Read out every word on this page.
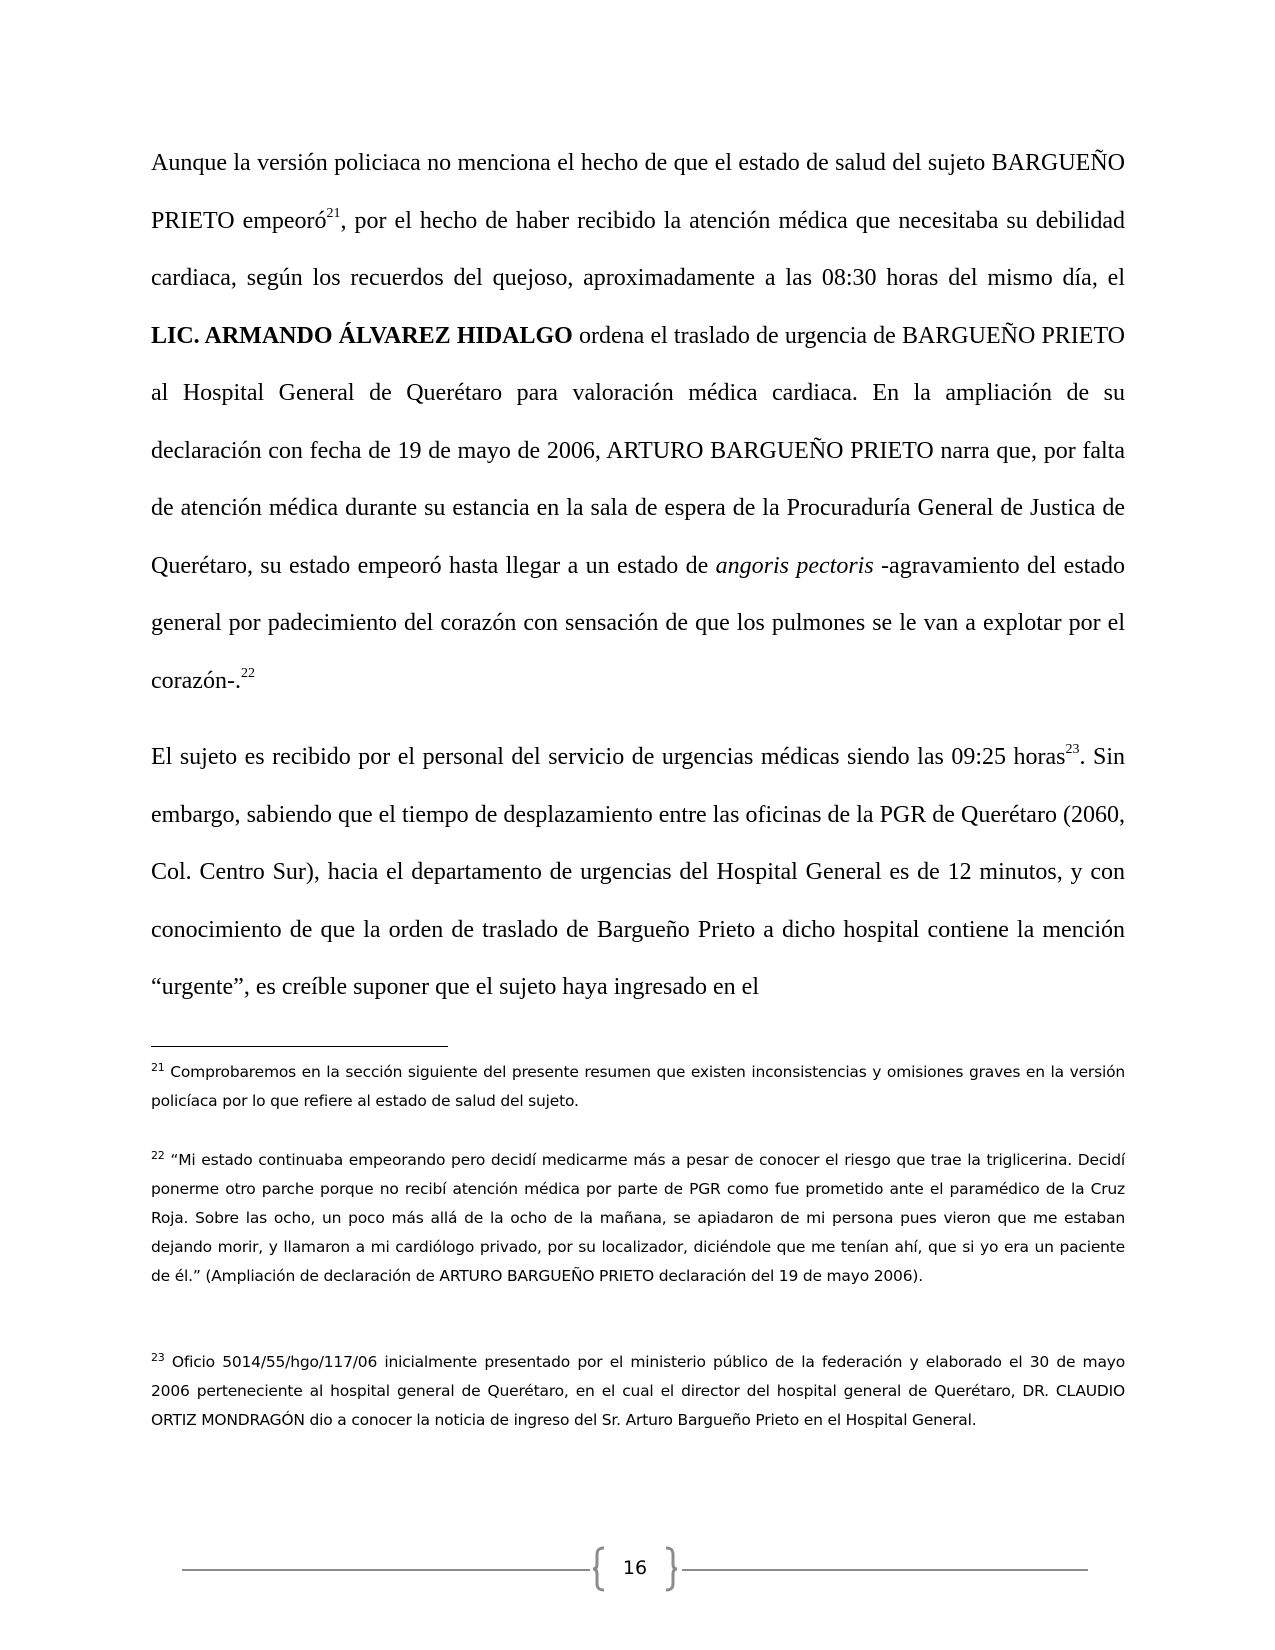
Aunque la versión policiaca no menciona el hecho de que el estado de salud del sujeto BARGUEÑO PRIETO empeoró$^{21}$, por el hecho de haber recibido la atención médica que necesitaba su debilidad cardiaca, según los recuerdos del quejoso, aproximadamente a las 08:30 horas del mismo día, el LIC. ARMANDO ÁLVAREZ HIDALGO ordena el traslado de urgencia de BARGUEÑO PRIETO al Hospital General de Querétaro para valoración médica cardiaca. En la ampliación de su declaración con fecha de 19 de mayo de 2006, ARTURO BARGUEÑO PRIETO narra que, por falta de atención médica durante su estancia en la sala de espera de la Procuraduría General de Justica de Querétaro, su estado empeoró hasta llegar a un estado de angoris pectoris -agravamiento del estado general por padecimiento del corazón con sensación de que los pulmones se le van a explotar por el corazón-.$^{22}$

El sujeto es recibido por el personal del servicio de urgencias médicas siendo las 09:25 horas$^{23}$. Sin embargo, sabiendo que el tiempo de desplazamiento entre las oficinas de la PGR de Querétaro (2060, Col. Centro Sur), hacia el departamento de urgencias del Hospital General es de 12 minutos, y con conocimiento de que la orden de traslado de Bargueño Prieto a dicho hospital contiene la mención “urgente”, es creíble suponer que el sujeto haya ingresado en el

$^{21}$ Comprobaremos en la sección siguiente del presente resumen que existen inconsistencias y omisiones graves en la versión policíaca por lo que refiere al estado de salud del sujeto.

$^{22}$ “Mi estado continuaba empeorando pero decidí medicarme más a pesar de conocer el riesgo que trae la triglicerina. Decidí ponerme otro parche porque no recibí atención médica por parte de PGR como fue prometido ante el paramédico de la Cruz Roja. Sobre las ocho, un poco más allá de la ocho de la mañana, se apiadaron de mi persona pues vieron que me estaban dejando morir, y llamaron a mi cardiólogo privado, por su localizador, diciéndole que me tenían ahí, que si yo era un paciente de él.” (Ampliación de declaración de ARTURO BARGUEÑO PRIETO declaración del 19 de mayo 2006).

$^{23}$ Oficio 5014/55/hgo/117/06 inicialmente presentado por el ministerio público de la federación y elaborado el 30 de mayo 2006 perteneciente al hospital general de Querétaro, en el cual el director del hospital general de Querétaro, DR. CLAUDIO ORTIZ MONDRAGÓN dio a conocer la noticia de ingreso del Sr. Arturo Bargueño Prieto en el Hospital General.

16
